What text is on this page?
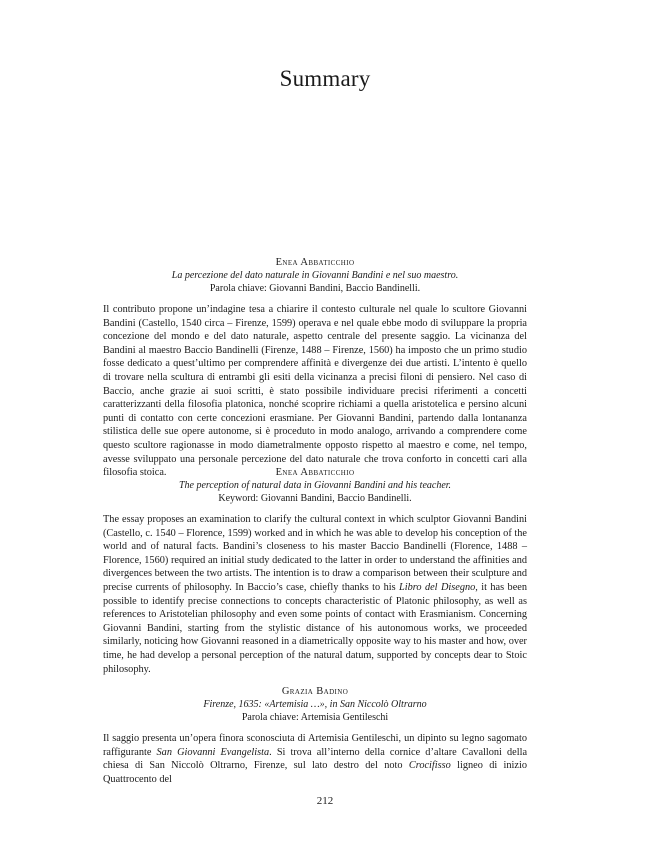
Summary
Enea Abbaticchio
La percezione del dato naturale in Giovanni Bandini e nel suo maestro.
Parola chiave: Giovanni Bandini, Baccio Bandinelli.

Il contributo propone un’indagine tesa a chiarire il contesto culturale nel quale lo scultore Giovanni Bandini (Castello, 1540 circa – Firenze, 1599) operava e nel quale ebbe modo di sviluppare la propria concezione del mondo e del dato naturale, aspetto centrale del presente saggio. La vicinanza del Bandini al maestro Baccio Bandinelli (Firenze, 1488 – Firenze, 1560) ha imposto che un primo studio fosse dedicato a quest’ultimo per comprendere affinità e divergenze dei due artisti. L’intento è quello di trovare nella scultura di entrambi gli esiti della vicinanza a precisi filoni di pensiero. Nel caso di Baccio, anche grazie ai suoi scritti, è stato possibile individuare precisi riferimenti a concetti caratterizzanti della filosofia platonica, nonché scoprire richiami a quella aristotelica e persino alcuni punti di contatto con certe concezioni erasmiane. Per Giovanni Bandini, partendo dalla lontananza stilistica delle sue opere autonome, si è proceduto in modo analogo, arrivando a comprendere come questo scultore ragionasse in modo diametralmente opposto rispetto al maestro e come, nel tempo, avesse sviluppato una personale percezione del dato naturale che trova conforto in concetti cari alla filosofia stoica.	Enea Abbaticchio
The perception of natural data in Giovanni Bandini and his teacher.
Keyword: Giovanni Bandini, Baccio Bandinelli.

The essay proposes an examination to clarify the cultural context in which sculptor Giovanni Bandini (Castello, c. 1540 – Florence, 1599) worked and in which he was able to develop his conception of the world and of natural facts. Bandini’s closeness to his master Baccio Bandinelli (Florence, 1488 – Florence, 1560) required an initial study dedicated to the latter in order to understand the affinities and divergences between the two artists. The intention is to draw a comparison between their sculpture and precise currents of philosophy. In Baccio’s case, chiefly thanks to his Libro del Disegno, it has been possible to identify precise connections to concepts characteristic of Platonic philosophy, as well as references to Aristotelian philosophy and even some points of contact with Erasmianism. Concerning Giovanni Bandini, starting from the stylistic distance of his autonomous works, we proceeded similarly, noticing how Giovanni reasoned in a diametrically opposite way to his master and how, over time, he had develop a personal perception of the natural datum, supported by concepts dear to Stoic philosophy.

Grazia Badino
Firenze, 1635: «Artemisia …», in San Niccolò Oltrarno
Parola chiave: Artemisia Gentileschi

Il saggio presenta un’opera finora sconosciuta di Artemisia Gentileschi, un dipinto su legno sagomato raffigurante San Giovanni Evangelista. Si trova all’interno della cornice d’altare Cavalloni della chiesa di San Niccolò Oltrarno, Firenze, sul lato destro del noto Crocifisso ligneo di inizio Quattrocento del

212
